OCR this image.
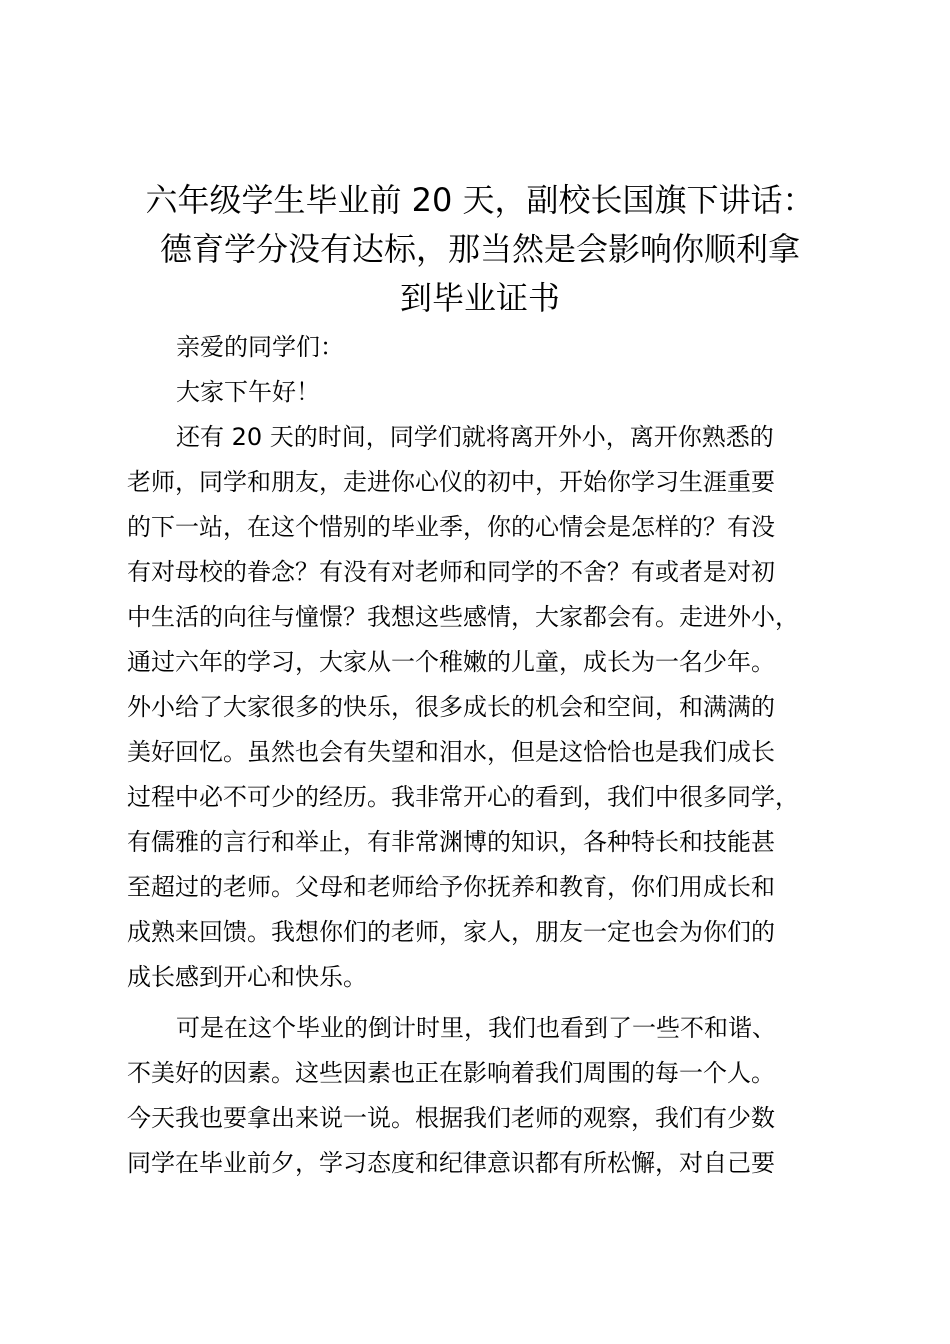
六年级学生毕业前 20 天，副校长国旗下讲话：
德育学分没有达标，那当然是会影响你顺利拿
到毕业证书

亲爱的同学们：

大家下午好！

还有 20 天的时间，同学们就将离开外小，离开你熟悉的
老师，同学和朋友，走进你心仪的初中，开始你学习生涯重要
的下一站，在这个惜别的毕业季，你的心情会是怎样的？有没
有对母校的眷念？有没有对老师和同学的不舍？有或者是对初
中生活的向往与憧憬？我想这些感情，大家都会有。走进外小，
通过六年的学习，大家从一个稚嫩的儿童，成长为一名少年。
外小给了大家很多的快乐，很多成长的机会和空间，和满满的
美好回忆。虽然也会有失望和泪水，但是这恰恰也是我们成长
过程中必不可少的经历。我非常开心的看到，我们中很多同学，
有儒雅的言行和举止，有非常渊博的知识，各种特长和技能甚
至超过的老师。父母和老师给予你抚养和教育，你们用成长和
成熟来回馈。我想你们的老师，家人，朋友一定也会为你们的
成长感到开心和快乐。
可是在这个毕业的倒计时里，我们也看到了一些不和谐、
不美好的因素。这些因素也正在影响着我们周围的每一个人。
今天我也要拿出来说一说。根据我们老师的观察，我们有少数
同学在毕业前夕，学习态度和纪律意识都有所松懈，对自己要
